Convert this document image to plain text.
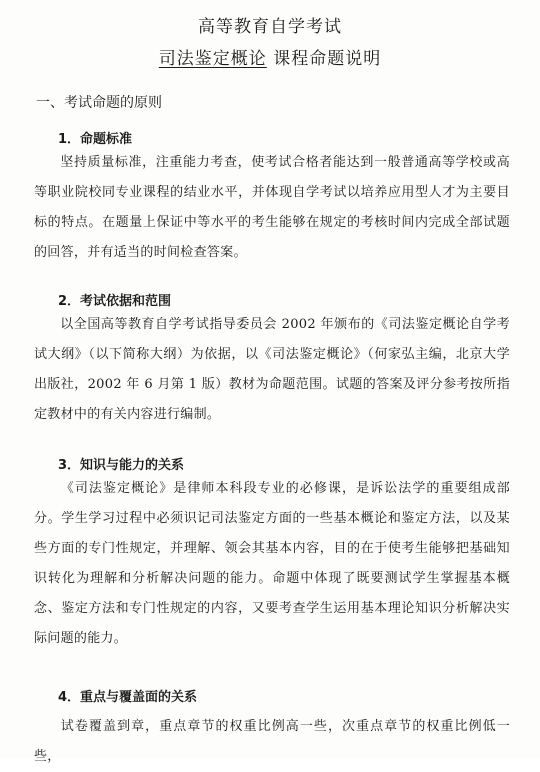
高等教育自学考试
司法鉴定概论 课程命题说明
一、考试命题的原则
1．命题标准
坚持质量标准，注重能力考查，使考试合格者能达到一般普通高等学校或高等职业院校同专业课程的结业水平，并体现自学考试以培养应用型人才为主要目标的特点。在题量上保证中等水平的考生能够在规定的考核时间内完成全部试题的回答，并有适当的时间检查答案。
2．考试依据和范围
以全国高等教育自学考试指导委员会 2002 年颁布的《司法鉴定概论自学考试大纲》（以下简称大纲）为依据，以《司法鉴定概论》（何家弘主编，北京大学出版社，2002 年 6 月第 1 版）教材为命题范围。试题的答案及评分参考按所指定教材中的有关内容进行编制。
3．知识与能力的关系
《司法鉴定概论》是律师本科段专业的必修课，是诉讼法学的重要组成部分。学生学习过程中必须识记司法鉴定方面的一些基本概论和鉴定方法，以及某些方面的专门性规定，并理解、领会其基本内容，目的在于使考生能够把基础知识转化为理解和分析解决问题的能力。命题中体现了既要测试学生掌握基本概念、鉴定方法和专门性规定的内容，又要考查学生运用基本理论知识分析解决实际问题的能力。
4．重点与覆盖面的关系
试卷覆盖到章，重点章节的权重比例高一些，次重点章节的权重比例低一些，
